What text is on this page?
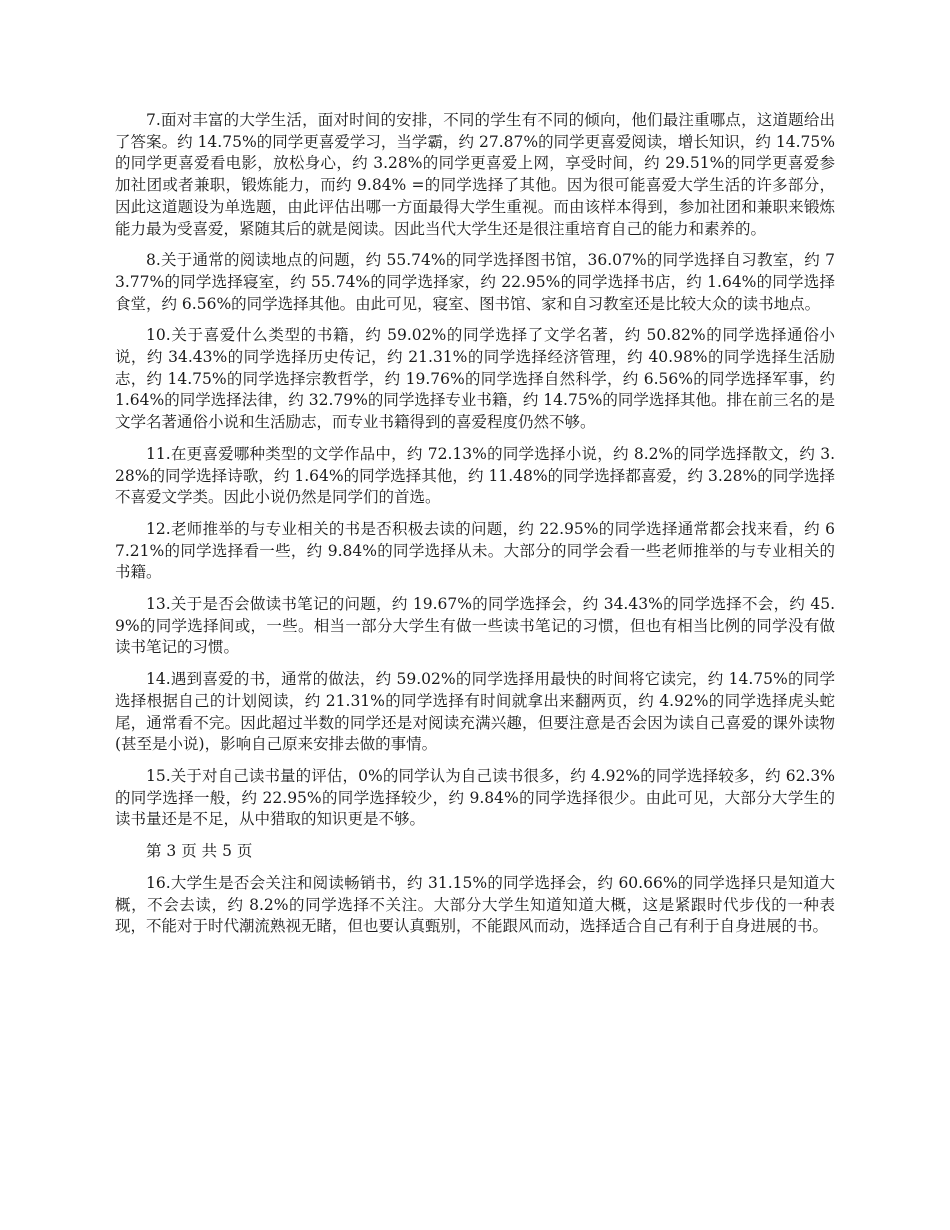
7.面对丰富的大学生活，面对时间的安排，不同的学生有不同的倾向，他们最注重哪点，这道题给出了答案。约 14.75%的同学更喜爱学习，当学霸，约 27.87%的同学更喜爱阅读，增长知识，约 14.75%的同学更喜爱看电影，放松身心，约 3.28%的同学更喜爱上网，享受时间，约 29.51%的同学更喜爱参加社团或者兼职，锻炼能力，而约 9.84% =的同学选择了其他。因为很可能喜爱大学生活的许多部分，因此这道题设为单选题，由此评估出哪一方面最得大学生重视。而由该样本得到，参加社团和兼职来锻炼能力最为受喜爱，紧随其后的就是阅读。因此当代大学生还是很注重培育自己的能力和素养的。

8.关于通常的阅读地点的问题，约 55.74%的同学选择图书馆，36.07%的同学选择自习教室，约 73.77%的同学选择寝室，约 55.74%的同学选择家，约 22.95%的同学选择书店，约 1.64%的同学选择食堂，约 6.56%的同学选择其他。由此可见，寝室、图书馆、家和自习教室还是比较大众的读书地点。

10.关于喜爱什么类型的书籍，约 59.02%的同学选择了文学名著，约 50.82%的同学选择通俗小说，约 34.43%的同学选择历史传记，约 21.31%的同学选择经济管理，约 40.98%的同学选择生活励志，约 14.75%的同学选择宗教哲学，约 19.76%的同学选择自然科学，约 6.56%的同学选择军事，约 1.64%的同学选择法律，约 32.79%的同学选择专业书籍，约 14.75%的同学选择其他。排在前三名的是文学名著通俗小说和生活励志，而专业书籍得到的喜爱程度仍然不够。

11.在更喜爱哪种类型的文学作品中，约 72.13%的同学选择小说，约 8.2%的同学选择散文，约 3.28%的同学选择诗歌，约 1.64%的同学选择其他，约 11.48%的同学选择都喜爱，约 3.28%的同学选择不喜爱文学类。因此小说仍然是同学们的首选。

12.老师推举的与专业相关的书是否积极去读的问题，约 22.95%的同学选择通常都会找来看，约 67.21%的同学选择看一些，约 9.84%的同学选择从未。大部分的同学会看一些老师推举的与专业相关的书籍。

13.关于是否会做读书笔记的问题，约 19.67%的同学选择会，约 34.43%的同学选择不会，约 45.9%的同学选择间或，一些。相当一部分大学生有做一些读书笔记的习惯，但也有相当比例的同学没有做读书笔记的习惯。

14.遇到喜爱的书，通常的做法，约 59.02%的同学选择用最快的时间将它读完，约 14.75%的同学选择根据自己的计划阅读，约 21.31%的同学选择有时间就拿出来翻两页，约 4.92%的同学选择虎头蛇尾，通常看不完。因此超过半数的同学还是对阅读充满兴趣，但要注意是否会因为读自己喜爱的课外读物(甚至是小说)，影响自己原来安排去做的事情。

15.关于对自己读书量的评估，0%的同学认为自己读书很多，约 4.92%的同学选择较多，约 62.3%的同学选择一般，约 22.95%的同学选择较少，约 9.84%的同学选择很少。由此可见，大部分大学生的读书量还是不足，从中猎取的知识更是不够。

第 3 页 共 5 页

16.大学生是否会关注和阅读畅销书，约 31.15%的同学选择会，约 60.66%的同学选择只是知道大概，不会去读，约 8.2%的同学选择不关注。大部分大学生知道知道大概，这是紧跟时代步伐的一种表现，不能对于时代潮流熟视无睹，但也要认真甄别，不能跟风而动，选择适合自己有利于自身进展的书。
